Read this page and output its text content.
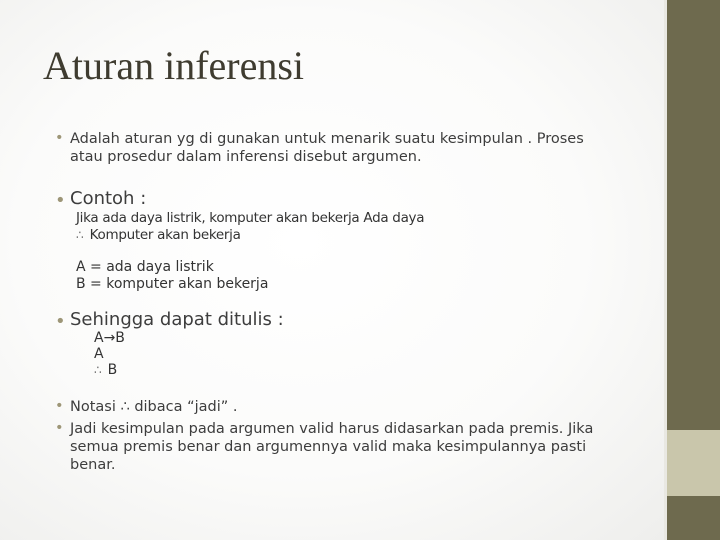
Aturan inferensi
• Adalah aturan yg di gunakan untuk menarik suatu kesimpulan . Proses
atau prosedur dalam inferensi disebut argumen.
• Contoh :
Jika ada daya listrik, komputer akan bekerja Ada daya
∴ Komputer akan bekerja
A = ada daya listrik
B = komputer akan bekerja
• Sehingga dapat ditulis :
A→B
A
∴ B
• Notasi ∴ dibaca “jadi” .
• Jadi kesimpulan pada argumen valid harus didasarkan pada premis. Jika
semua premis benar dan argumennya valid maka kesimpulannya pasti
benar.
